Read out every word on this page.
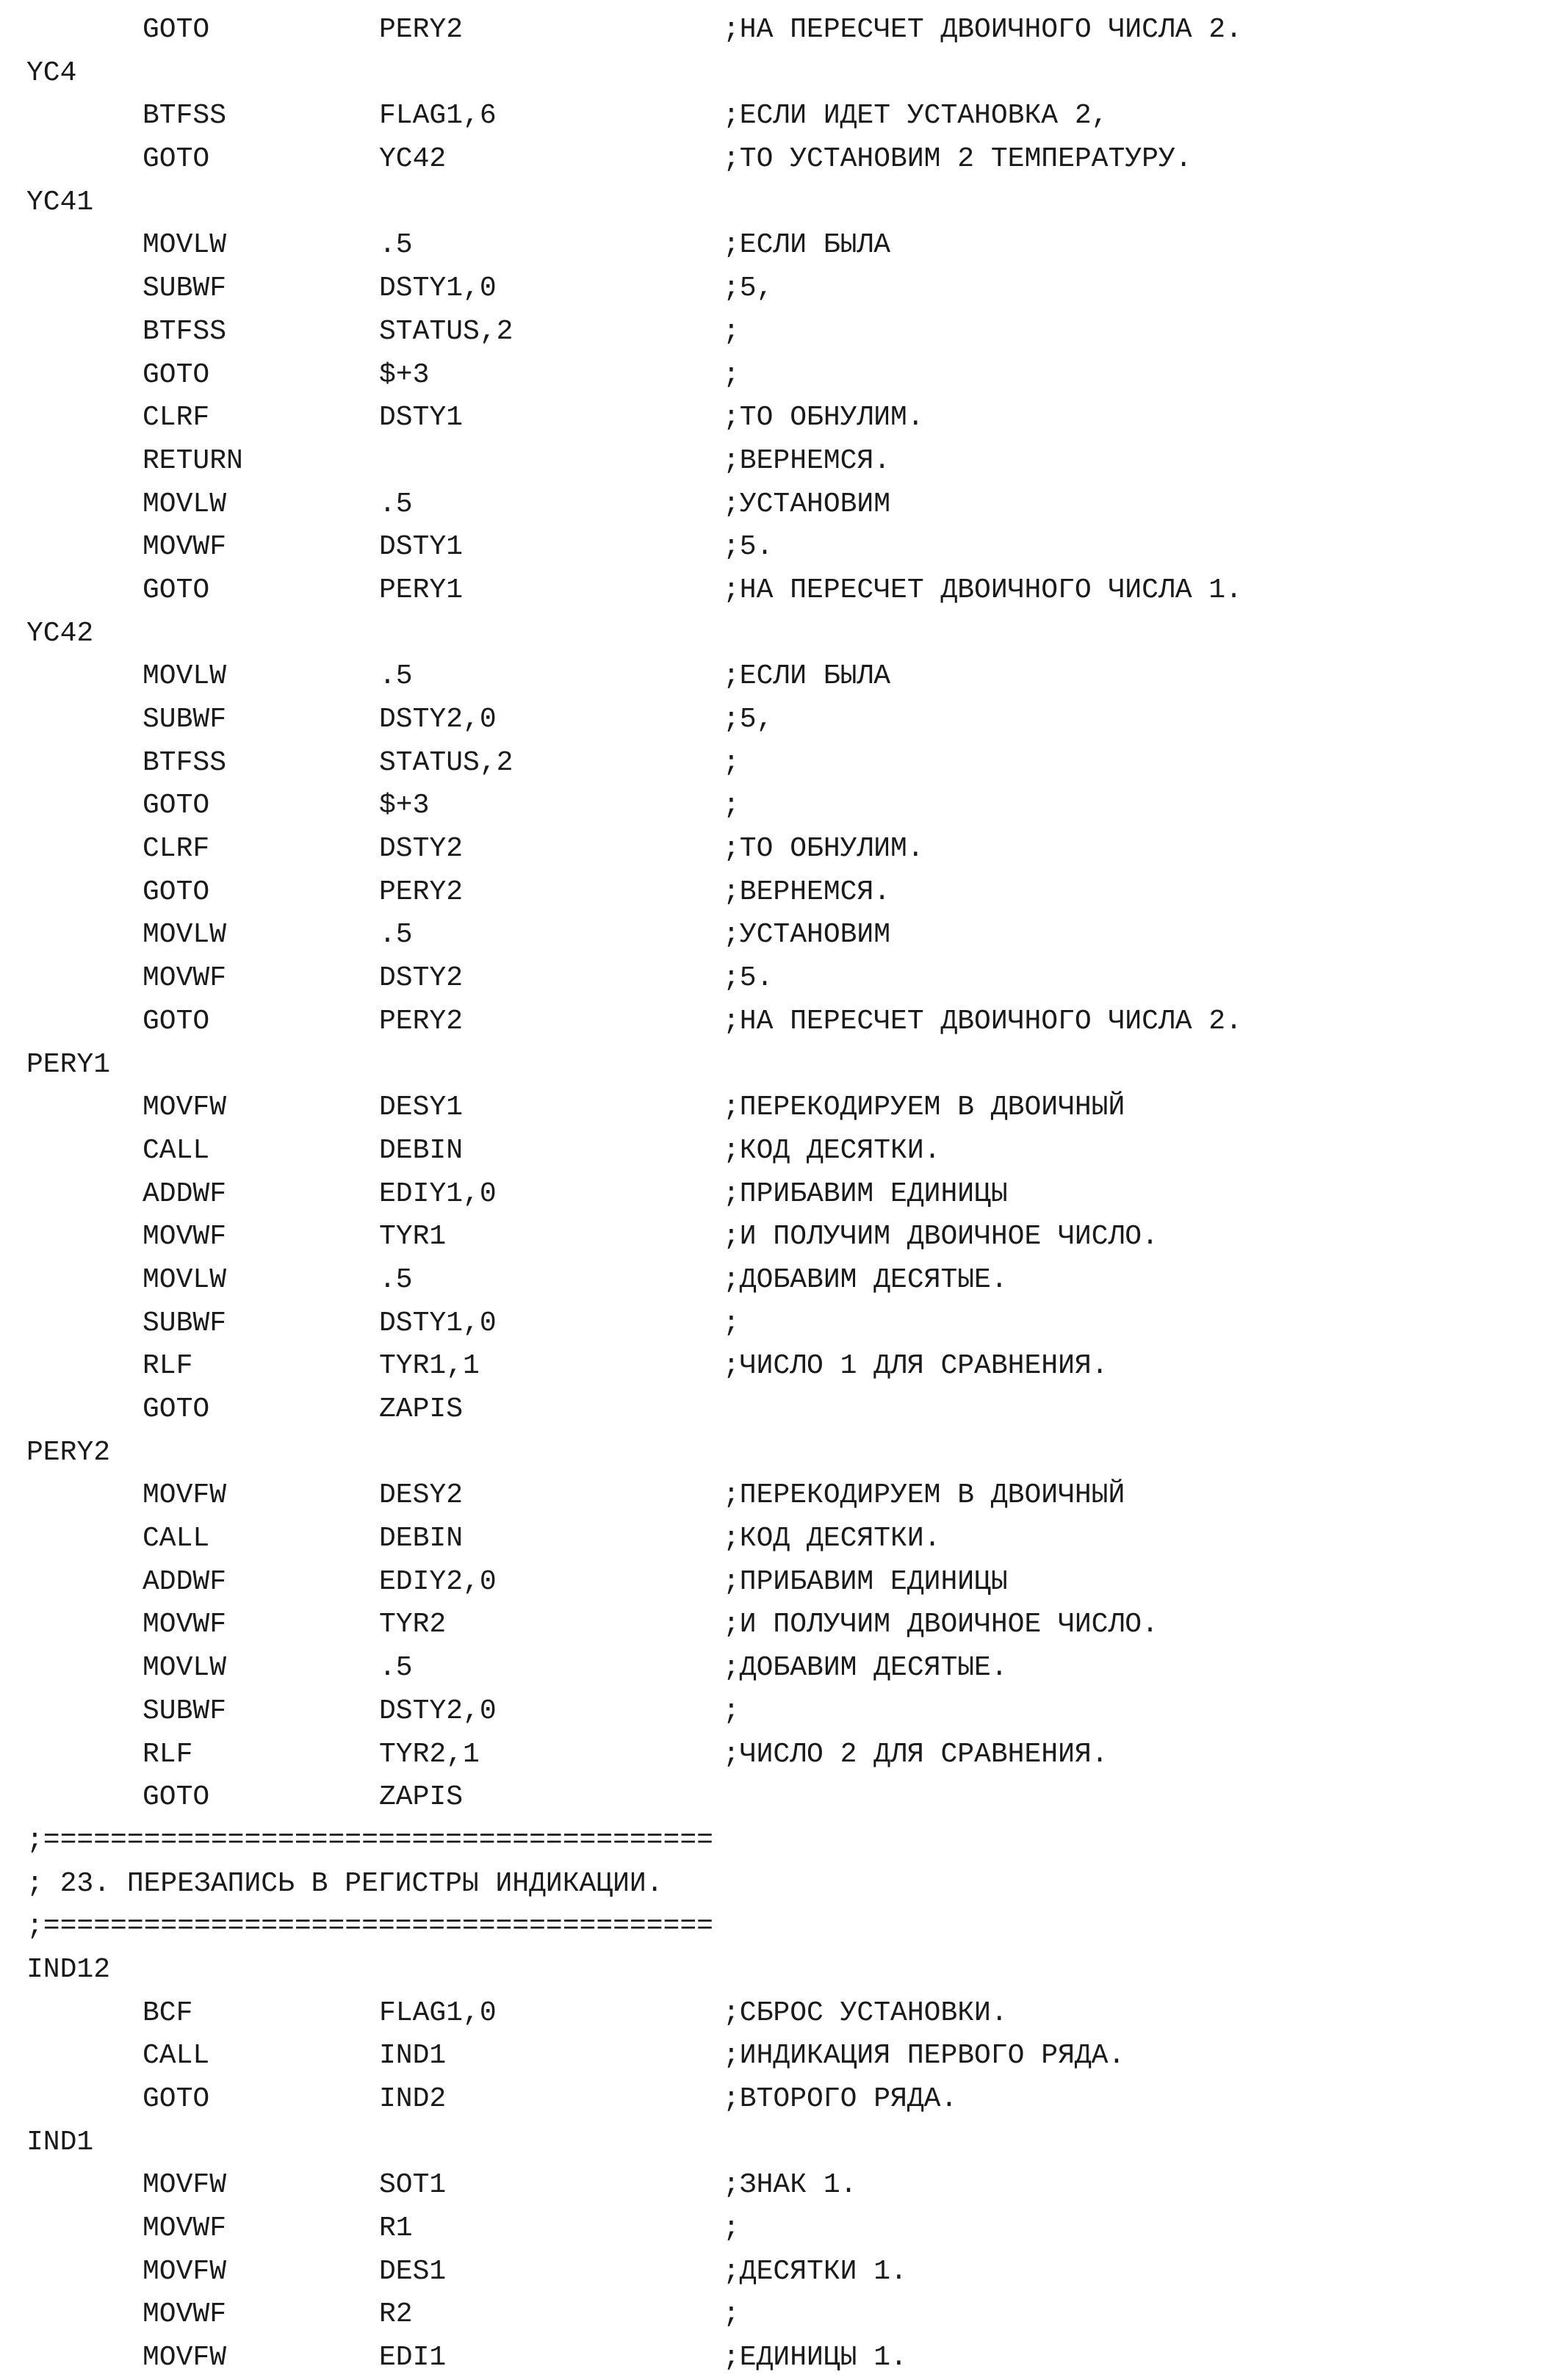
GOTO	PERY2	;НА ПЕРЕСЧЕТ ДВОИЧНОГО ЧИСЛА 2.
YC4
BTFSS	FLAG1,6	;ЕСЛИ ИДЕТ УСТАНОВКА 2,
GOTO	YC42	;ТО УСТАНОВИМ 2 ТЕМПЕРАТУРУ.
YC41
MOVLW	.5	;ЕСЛИ БЫЛА
SUBWF	DSTY1,0	;5,
BTFSS	STATUS,2	;
GOTO	$+3	;
CLRF	DSTY1	;ТО ОБНУЛИМ.
RETURN	;ВЕРНЕМСЯ.
MOVLW	.5	;УСТАНОВИМ
MOVWF	DSTY1	;5.
GOTO	PERY1	;НА ПЕРЕСЧЕТ ДВОИЧНОГО ЧИСЛА 1.
YC42
MOVLW	.5	;ЕСЛИ БЫЛА
SUBWF	DSTY2,0	;5,
BTFSS	STATUS,2	;
GOTO	$+3	;
CLRF	DSTY2	;ТО ОБНУЛИМ.
GOTO	PERY2	;ВЕРНЕМСЯ.
MOVLW	.5	;УСТАНОВИМ
MOVWF	DSTY2	;5.
GOTO	PERY2	;НА ПЕРЕСЧЕТ ДВОИЧНОГО ЧИСЛА 2.
PERY1
MOVFW	DESY1	;ПЕРЕКОДИРУЕМ В ДВОИЧНЫЙ
CALL	DEBIN	;КОД ДЕСЯТКИ.
ADDWF	EDIY1,0	;ПРИБАВИМ ЕДИНИЦЫ
MOVWF	TYR1	;И ПОЛУЧИМ ДВОИЧНОЕ ЧИСЛО.
MOVLW	.5	;ДОБАВИМ ДЕСЯТЫЕ.
SUBWF	DSTY1,0	;
RLF	TYR1,1	;ЧИСЛО 1 ДЛЯ СРАВНЕНИЯ.
GOTO	ZAPIS
PERY2
MOVFW	DESY2	;ПЕРЕКОДИРУЕМ В ДВОИЧНЫЙ
CALL	DEBIN	;КОД ДЕСЯТКИ.
ADDWF	EDIY2,0	;ПРИБАВИМ ЕДИНИЦЫ
MOVWF	TYR2	;И ПОЛУЧИМ ДВОИЧНОЕ ЧИСЛО.
MOVLW	.5	;ДОБАВИМ ДЕСЯТЫЕ.
SUBWF	DSTY2,0	;
RLF	TYR2,1	;ЧИСЛО 2 ДЛЯ СРАВНЕНИЯ.
GOTO	ZAPIS
;========================================
; 23. ПЕРЕЗАПИСЬ В РЕГИСТРЫ ИНДИКАЦИИ.
;========================================
IND12
BCF	FLAG1,0	;СБРОС УСТАНОВКИ.
CALL	IND1	;ИНДИКАЦИЯ ПЕРВОГО РЯДА.
GOTO	IND2	;ВТОРОГО РЯДА.
IND1
MOVFW	SOT1	;ЗНАК 1.
MOVWF	R1	;
MOVFW	DES1	;ДЕСЯТКИ 1.
MOVWF	R2	;
MOVFW	EDI1	;ЕДИНИЦЫ 1.
